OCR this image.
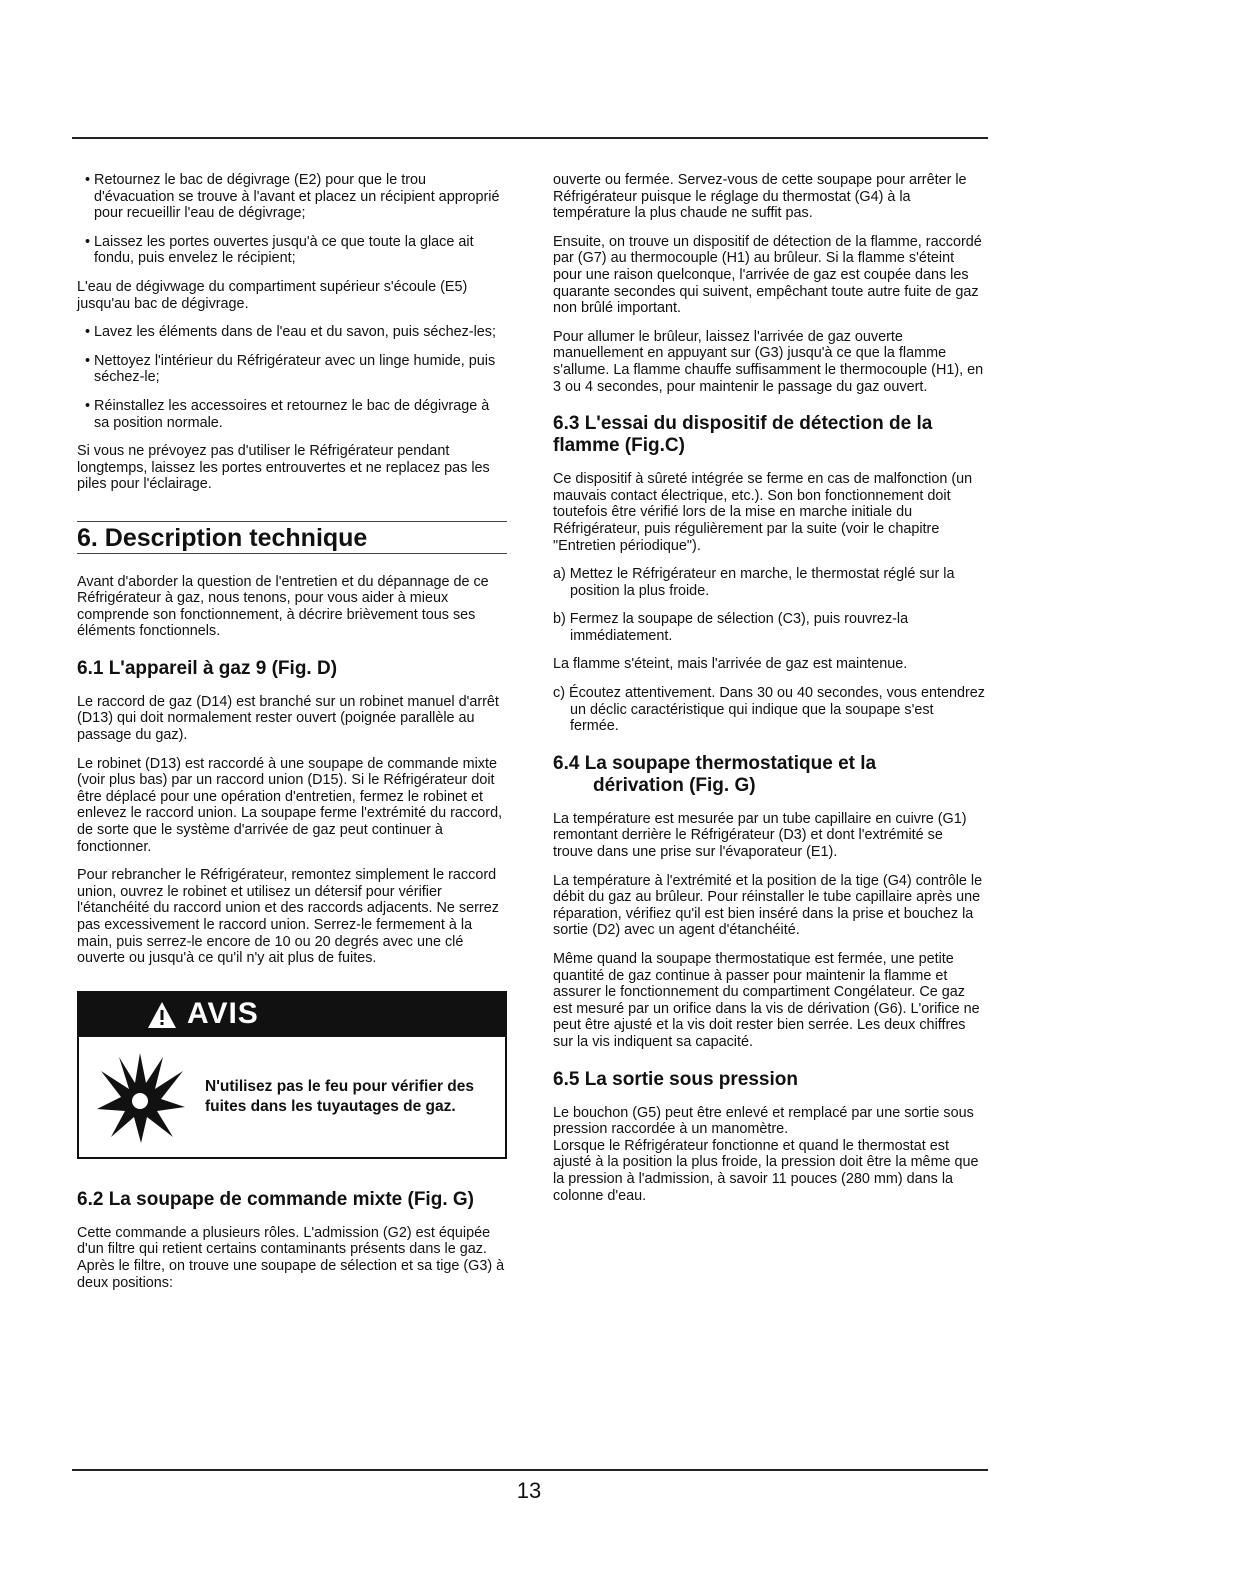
• Retournez le bac de dégivrage (E2) pour que le trou d'évacuation se trouve à l'avant et placez un récipient approprié pour recueillir l'eau de dégivrage;

• Laissez les portes ouvertes jusqu'à ce que toute la glace ait fondu, puis envelez le récipient;

L'eau de dégivwage du compartiment supérieur s'écoule (E5) jusqu'au bac de dégivrage.

• Lavez les éléments dans de l'eau et du savon, puis séchez-les;

• Nettoyez l'intérieur du Réfrigérateur avec un linge humide, puis séchez-le;

• Réinstallez les accessoires et retournez le bac de dégivrage à sa position normale.

Si vous ne prévoyez pas d'utiliser le Réfrigérateur pendant longtemps, laissez les portes entrouvertes et ne replacez pas les piles pour l'éclairage.

6. Description technique

Avant d'aborder la question de l'entretien et du dépannage de ce Réfrigérateur à gaz, nous tenons, pour vous aider à mieux comprende son fonctionnement, à décrire brièvement tous ses éléments fonctionnels.

6.1 L'appareil à gaz 9 (Fig. D)

Le raccord de gaz (D14) est branché sur un robinet manuel d'arrêt (D13) qui doit normalement rester ouvert (poignée parallèle au passage du gaz).

Le robinet (D13) est raccordé à une soupape de commande mixte (voir plus bas) par un raccord union (D15). Si le Réfrigérateur doit être déplacé pour une opération d'entretien, fermez le robinet et enlevez le raccord union. La soupape ferme l'extrémité du raccord, de sorte que le système d'arrivée de gaz peut continuer à fonctionner.

Pour rebrancher le Réfrigérateur, remontez simplement le raccord union, ouvrez le robinet et utilisez un détersif pour vérifier l'étanchéité du raccord union et des raccords adjacents. Ne serrez pas excessivement le raccord union. Serrez-le fermement à la main, puis serrez-le encore de 10 ou 20 degrés avec une clé ouverte ou jusqu'à ce qu'il n'y ait plus de fuites.

AVIS
N'utilisez pas le feu pour vérifier des fuites dans les tuyautages de gaz.
6.2 La soupape de commande mixte (Fig. G)

Cette commande a plusieurs rôles. L'admission (G2) est équipée d'un filtre qui retient certains contaminants présents dans le gaz. Après le filtre, on trouve une soupape de sélection et sa tige (G3) à deux positions:

ouverte ou fermée. Servez-vous de cette soupape pour arrêter le Réfrigérateur puisque le réglage du thermostat (G4) à la température la plus chaude ne suffit pas.

Ensuite, on trouve un dispositif de détection de la flamme, raccordé par (G7) au thermocouple (H1) au brûleur. Si la flamme s'éteint pour une raison quelconque, l'arrivée de gaz est coupée dans les quarante secondes qui suivent, empêchant toute autre fuite de gaz non brûlé important.

Pour allumer le brûleur, laissez l'arrivée de gaz ouverte manuellement en appuyant sur (G3) jusqu'à ce que la flamme s'allume. La flamme chauffe suffisamment le thermocouple (H1), en 3 ou 4 secondes, pour maintenir le passage du gaz ouvert.

6.3 L'essai du dispositif de détection de la flamme (Fig.C)

Ce dispositif à sûreté intégrée se ferme en cas de malfonction (un mauvais contact électrique, etc.). Son bon fonctionnement doit toutefois être vérifié lors de la mise en marche initiale du Réfrigérateur, puis régulièrement par la suite (voir le chapitre "Entretien périodique").

a) Mettez le Réfrigérateur en marche, le thermostat réglé sur la position la plus froide.

b) Fermez la soupape de sélection (C3), puis rouvrez-la immédiatement.

La flamme s'éteint, mais l'arrivée de gaz est maintenue.

c) Écoutez attentivement. Dans 30 ou 40 secondes, vous entendrez un déclic caractéristique qui indique que la soupape s'est fermée.

6.4 La soupape thermostatique et la
dérivation (Fig. G)

La température est mesurée par un tube capillaire en cuivre (G1) remontant derrière le Réfrigérateur (D3) et dont l'extrémité se trouve dans une prise sur l'évaporateur (E1).

La température à l'extrémité et la position de la tige (G4) contrôle le débit du gaz au brûleur. Pour réinstaller le tube capillaire après une réparation, vérifiez qu'il est bien inséré dans la prise et bouchez la sortie (D2) avec un agent d'étanchéité.

Même quand la soupape thermostatique est fermée, une petite quantité de gaz continue à passer pour maintenir la flamme et assurer le fonctionnement du compartiment Congélateur. Ce gaz est mesuré par un orifice dans la vis de dérivation (G6). L'orifice ne peut être ajusté et la vis doit rester bien serrée. Les deux chiffres sur la vis indiquent sa capacité.

6.5 La sortie sous pression

Le bouchon (G5) peut être enlevé et remplacé par une sortie sous pression raccordée à un manomètre.

Lorsque le Réfrigérateur fonctionne et quand le thermostat est ajusté à la position la plus froide, la pression doit être la même que la pression à l'admission, à savoir 11 pouces (280 mm) dans la colonne d'eau.

13
